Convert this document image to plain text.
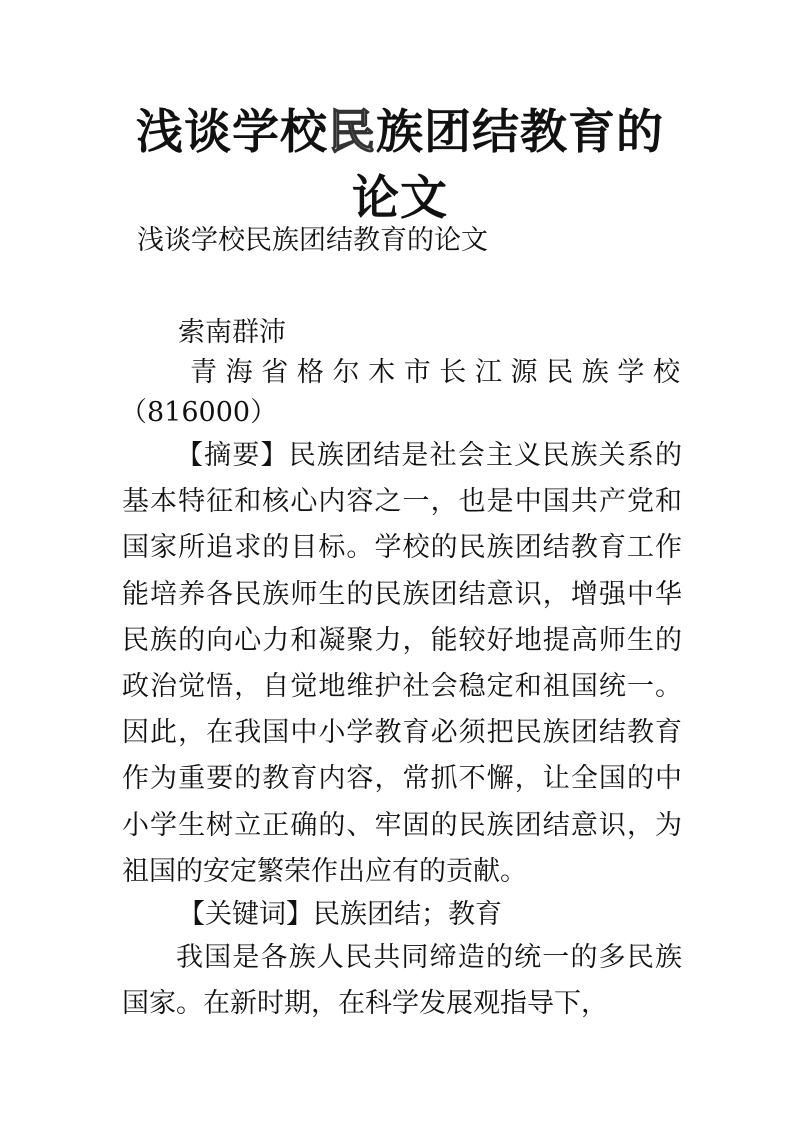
浅谈学校民族团结教育的论文

浅谈学校民族团结教育的论文

索南群沛

青海省格尔木市长江源民族学校

（816000）

【摘要】民族团结是社会主义民族关系的基本特征和核心内容之一，也是中国共产党和国家所追求的目标。学校的民族团结教育工作能培养各民族师生的民族团结意识，增强中华民族的向心力和凝聚力，能较好地提高师生的政治觉悟，自觉地维护社会稳定和祖国统一。因此，在我国中小学教育必须把民族团结教育作为重要的教育内容，常抓不懈，让全国的中小学生树立正确的、牢固的民族团结意识，为祖国的安定繁荣作出应有的贡献。

【关键词】民族团结；教育

我国是各族人民共同缔造的统一的多民族国家。在新时期，在科学发展观指导下，
